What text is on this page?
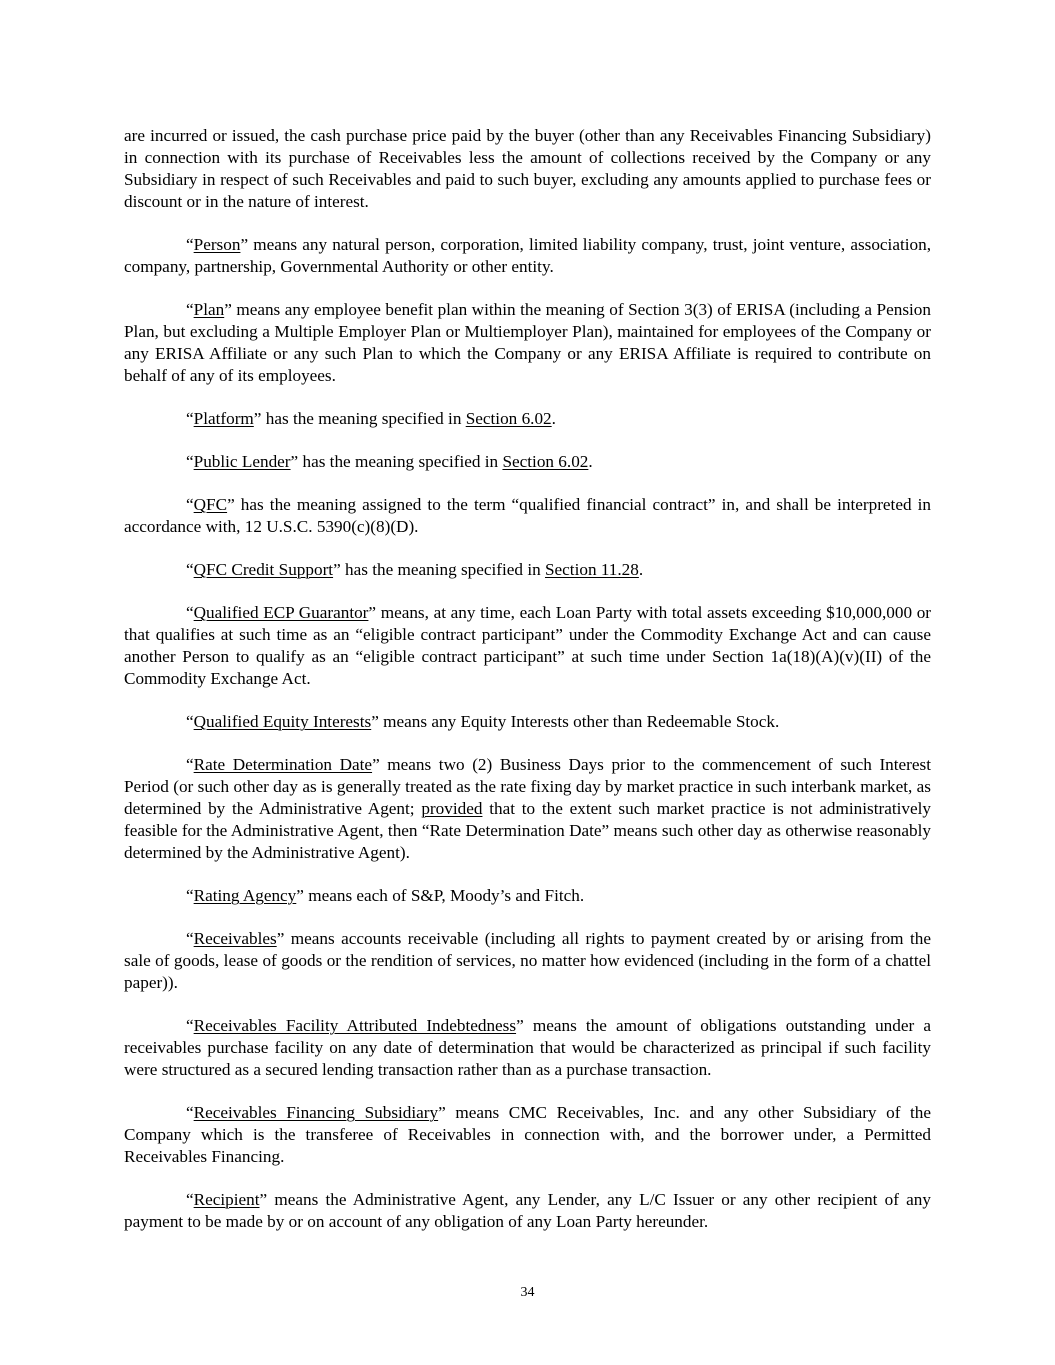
are incurred or issued, the cash purchase price paid by the buyer (other than any Receivables Financing Subsidiary) in connection with its purchase of Receivables less the amount of collections received by the Company or any Subsidiary in respect of such Receivables and paid to such buyer, excluding any amounts applied to purchase fees or discount or in the nature of interest.

“Person” means any natural person, corporation, limited liability company, trust, joint venture, association, company, partnership, Governmental Authority or other entity.

“Plan” means any employee benefit plan within the meaning of Section 3(3) of ERISA (including a Pension Plan, but excluding a Multiple Employer Plan or Multiemployer Plan), maintained for employees of the Company or any ERISA Affiliate or any such Plan to which the Company or any ERISA Affiliate is required to contribute on behalf of any of its employees.

“Platform” has the meaning specified in Section 6.02.

“Public Lender” has the meaning specified in Section 6.02.

“QFC” has the meaning assigned to the term “qualified financial contract” in, and shall be interpreted in accordance with, 12 U.S.C. 5390(c)(8)(D).

“QFC Credit Support” has the meaning specified in Section 11.28.

“Qualified ECP Guarantor” means, at any time, each Loan Party with total assets exceeding $10,000,000 or that qualifies at such time as an “eligible contract participant” under the Commodity Exchange Act and can cause another Person to qualify as an “eligible contract participant” at such time under Section 1a(18)(A)(v)(II) of the Commodity Exchange Act.

“Qualified Equity Interests” means any Equity Interests other than Redeemable Stock.

“Rate Determination Date” means two (2) Business Days prior to the commencement of such Interest Period (or such other day as is generally treated as the rate fixing day by market practice in such interbank market, as determined by the Administrative Agent; provided that to the extent such market practice is not administratively feasible for the Administrative Agent, then “Rate Determination Date” means such other day as otherwise reasonably determined by the Administrative Agent).

“Rating Agency” means each of S&P, Moody’s and Fitch.

“Receivables” means accounts receivable (including all rights to payment created by or arising from the sale of goods, lease of goods or the rendition of services, no matter how evidenced (including in the form of a chattel paper)).

“Receivables Facility Attributed Indebtedness” means the amount of obligations outstanding under a receivables purchase facility on any date of determination that would be characterized as principal if such facility were structured as a secured lending transaction rather than as a purchase transaction.

“Receivables Financing Subsidiary” means CMC Receivables, Inc. and any other Subsidiary of the Company which is the transferee of Receivables in connection with, and the borrower under, a Permitted Receivables Financing.

“Recipient” means the Administrative Agent, any Lender, any L/C Issuer or any other recipient of any payment to be made by or on account of any obligation of any Loan Party hereunder.

34
